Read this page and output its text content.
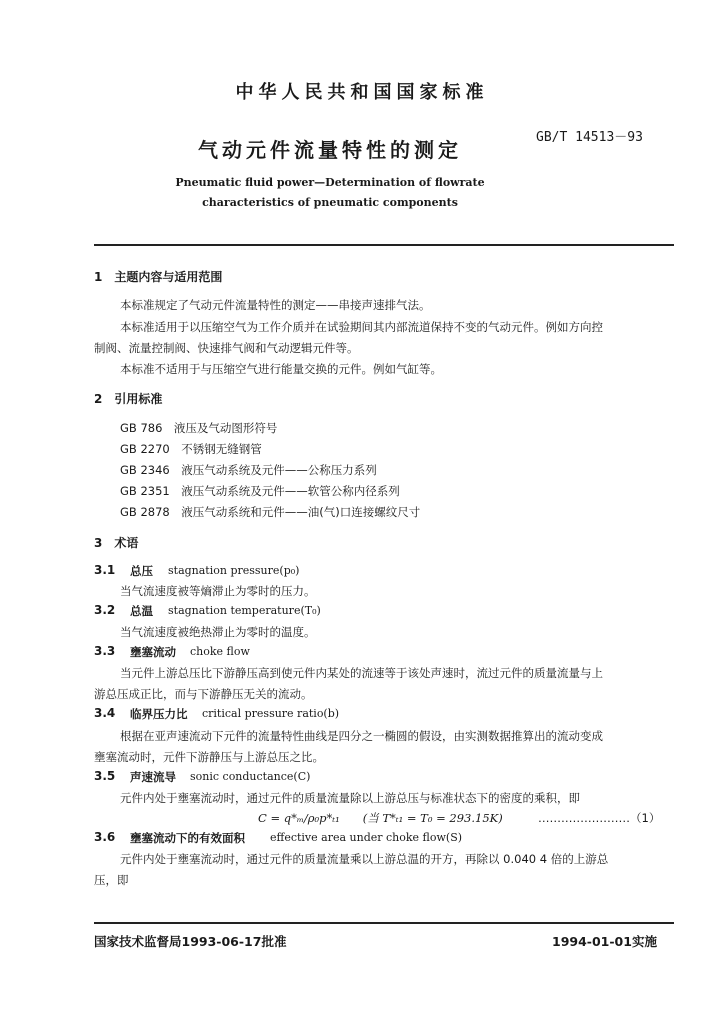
中华人民共和国国家标准
GB/T 14513－93
气动元件流量特性的测定
Pneumatic fluid power—Determination of flowrate
characteristics of pneumatic components
1　主题内容与适用范围
本标准规定了气动元件流量特性的测定——串接声速排气法。
本标准适用于以压缩空气为工作介质并在试验期间其内部流道保持不变的气动元件。例如方向控
制阀、流量控制阀、快速排气阀和气动逻辑元件等。
本标准不适用于与压缩空气进行能量交换的元件。例如气缸等。
2　引用标准
GB 786　液压及气动图形符号
GB 2270　不锈钢无缝钢管
GB 2346　液压气动系统及元件——公称压力系列
GB 2351　液压气动系统及元件——软管公称内径系列
GB 2878　液压气动系统和元件——油(气)口连接螺纹尺寸
3　术语
3.1 总压 stagnation pressure(p₀)
当气流速度被等熵滞止为零时的压力。
3.2 总温 stagnation temperature(T₀)
当气流速度被绝热滞止为零时的温度。
3.3 壅塞流动 choke flow
当元件上游总压比下游静压高到使元件内某处的流速等于该处声速时，流过元件的质量流量与上
游总压成正比，而与下游静压无关的流动。
3.4 临界压力比 critical pressure ratio(b)
根据在亚声速流动下元件的流量特性曲线是四分之一椭圆的假设，由实测数据推算出的流动变成
壅塞流动时，元件下游静压与上游总压之比。
3.5 声速流导 sonic conductance(C)
元件内处于壅塞流动时，通过元件的质量流量除以上游总压与标准状态下的密度的乘积，即
C = q*ₘ/ρ₀p*ₜ₁　　(当 T*ₜ₁ = T₀ = 293.15K)	……………………（1）
3.6 壅塞流动下的有效面积 effective area under choke flow(S)
元件内处于壅塞流动时，通过元件的质量流量乘以上游总温的开方，再除以 0.040 4 倍的上游总
压，即
国家技术监督局1993-06-17批准	1994-01-01实施
